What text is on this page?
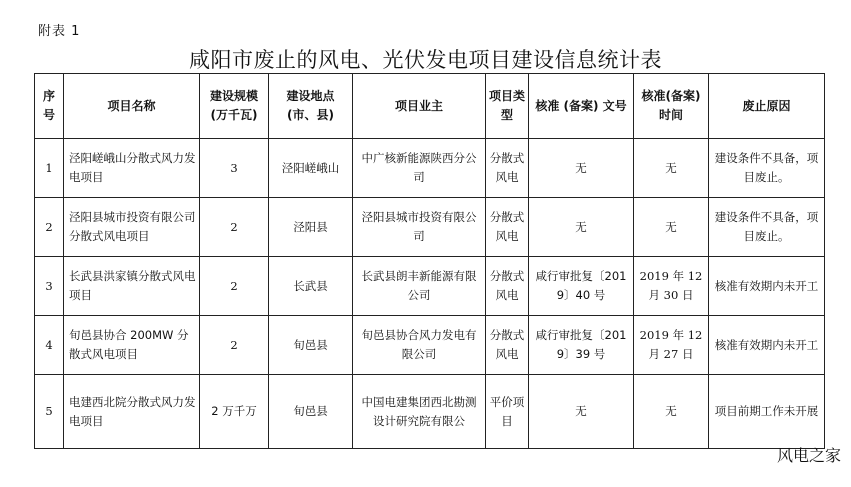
附表 1
咸阳市废止的风电、光伏发电项目建设信息统计表
序号	项目名称	建设规模(万千瓦)	建设地点(市、县)	项目业主	项目类型	核准 (备案) 文号	核准(备案)时间	废止原因
1	泾阳嵯峨山分散式风力发电项目	3	泾阳嵯峨山	中广核新能源陕西分公司	分散式风电	无	无	建设条件不具备，项目废止。
2	泾阳县城市投资有限公司分散式风电项目	2	泾阳县	泾阳县城市投资有限公司	分散式风电	无	无	建设条件不具备，项目废止。
3	长武县洪家镇分散式风电项目	2	长武县	长武县朗丰新能源有限公司	分散式风电	咸行审批复〔2019〕40 号	2019 年 12 月 30 日	核准有效期内未开工
4	旬邑县协合 200MW 分散式风电项目	2	旬邑县	旬邑县协合风力发电有限公司	分散式风电	咸行审批复〔2019〕39 号	2019 年 12 月 27 日	核准有效期内未开工
5	电建西北院分散式风力发电项目	2 万千万	旬邑县	中国电建集团西北勘测设计研究院有限公	平价项目	无	无	项目前期工作未开展
风电之家
